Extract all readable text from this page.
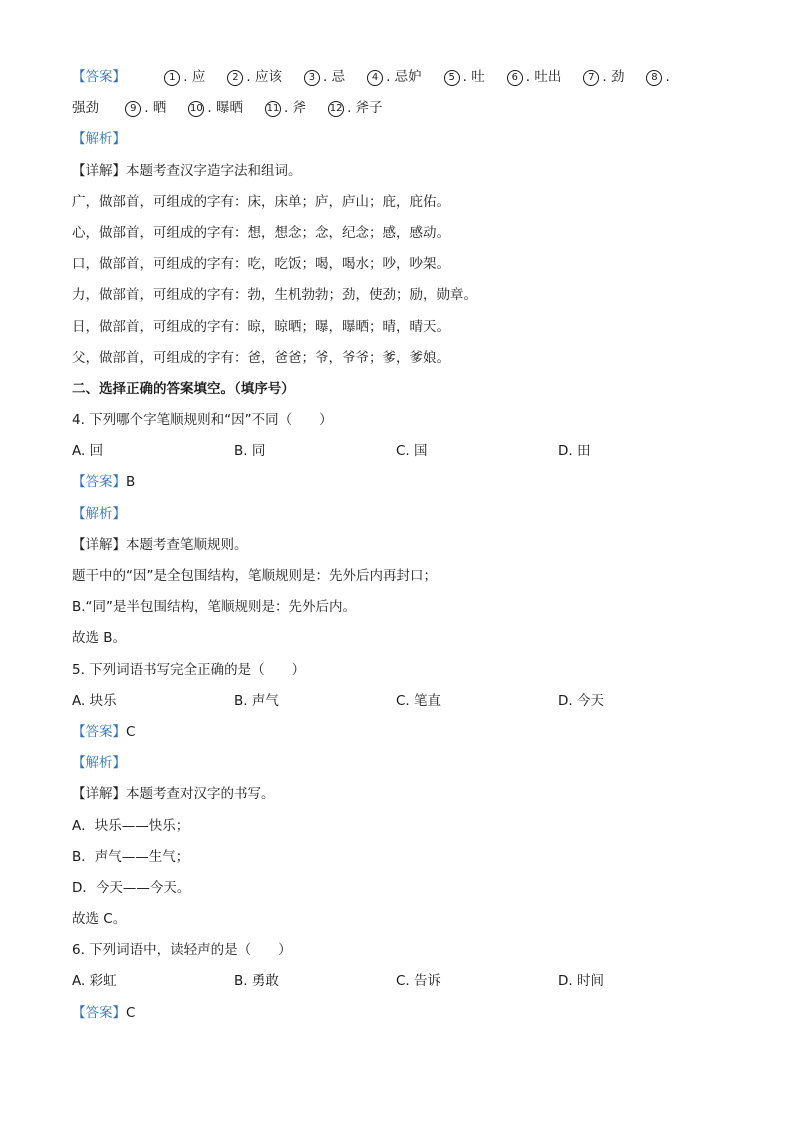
【答案】	1 . 应	2 . 应该	3 . 忌	4 . 忌妒	5 . 吐	6 . 吐出	7 . 劲	8 .
强劲	9 . 晒 10 . 曝晒 11 . 斧 12 . 斧子
【解析】
【详解】本题考查汉字造字法和组词。
广，做部首，可组成的字有：床，床单；庐，庐山；庇，庇佑。
心，做部首，可组成的字有：想，想念；念，纪念；感，感动。
口，做部首，可组成的字有：吃，吃饭；喝，喝水；吵，吵架。
力，做部首，可组成的字有：勃，生机勃勃；劲，使劲；励，勋章。
日，做部首，可组成的字有：晾，晾晒；曝，曝晒；晴，晴天。
父，做部首，可组成的字有：爸，爸爸；爷，爷爷；爹，爹娘。
二、选择正确的答案填空。（填序号）
4. 下列哪个字笔顺规则和“因”不同（　　）
A. 回	B. 同	C. 国	D. 田
【答案】B
【解析】
【详解】本题考查笔顺规则。
题干中的“因”是全包围结构，笔顺规则是：先外后内再封口；
B.“同”是半包围结构，笔顺规则是：先外后内。
故选 B。
5. 下列词语书写完全正确的是（　　）
A. 块乐	B. 声气	C. 笔直	D. 今天
【答案】C
【解析】
【详解】本题考查对汉字的书写。
A．块乐——快乐；
B．声气——生气；
D．今天——今天。
故选 C。
6. 下列词语中，读轻声的是（　　）
A. 彩虹	B. 勇敢	C. 告诉	D. 时间
【答案】C
